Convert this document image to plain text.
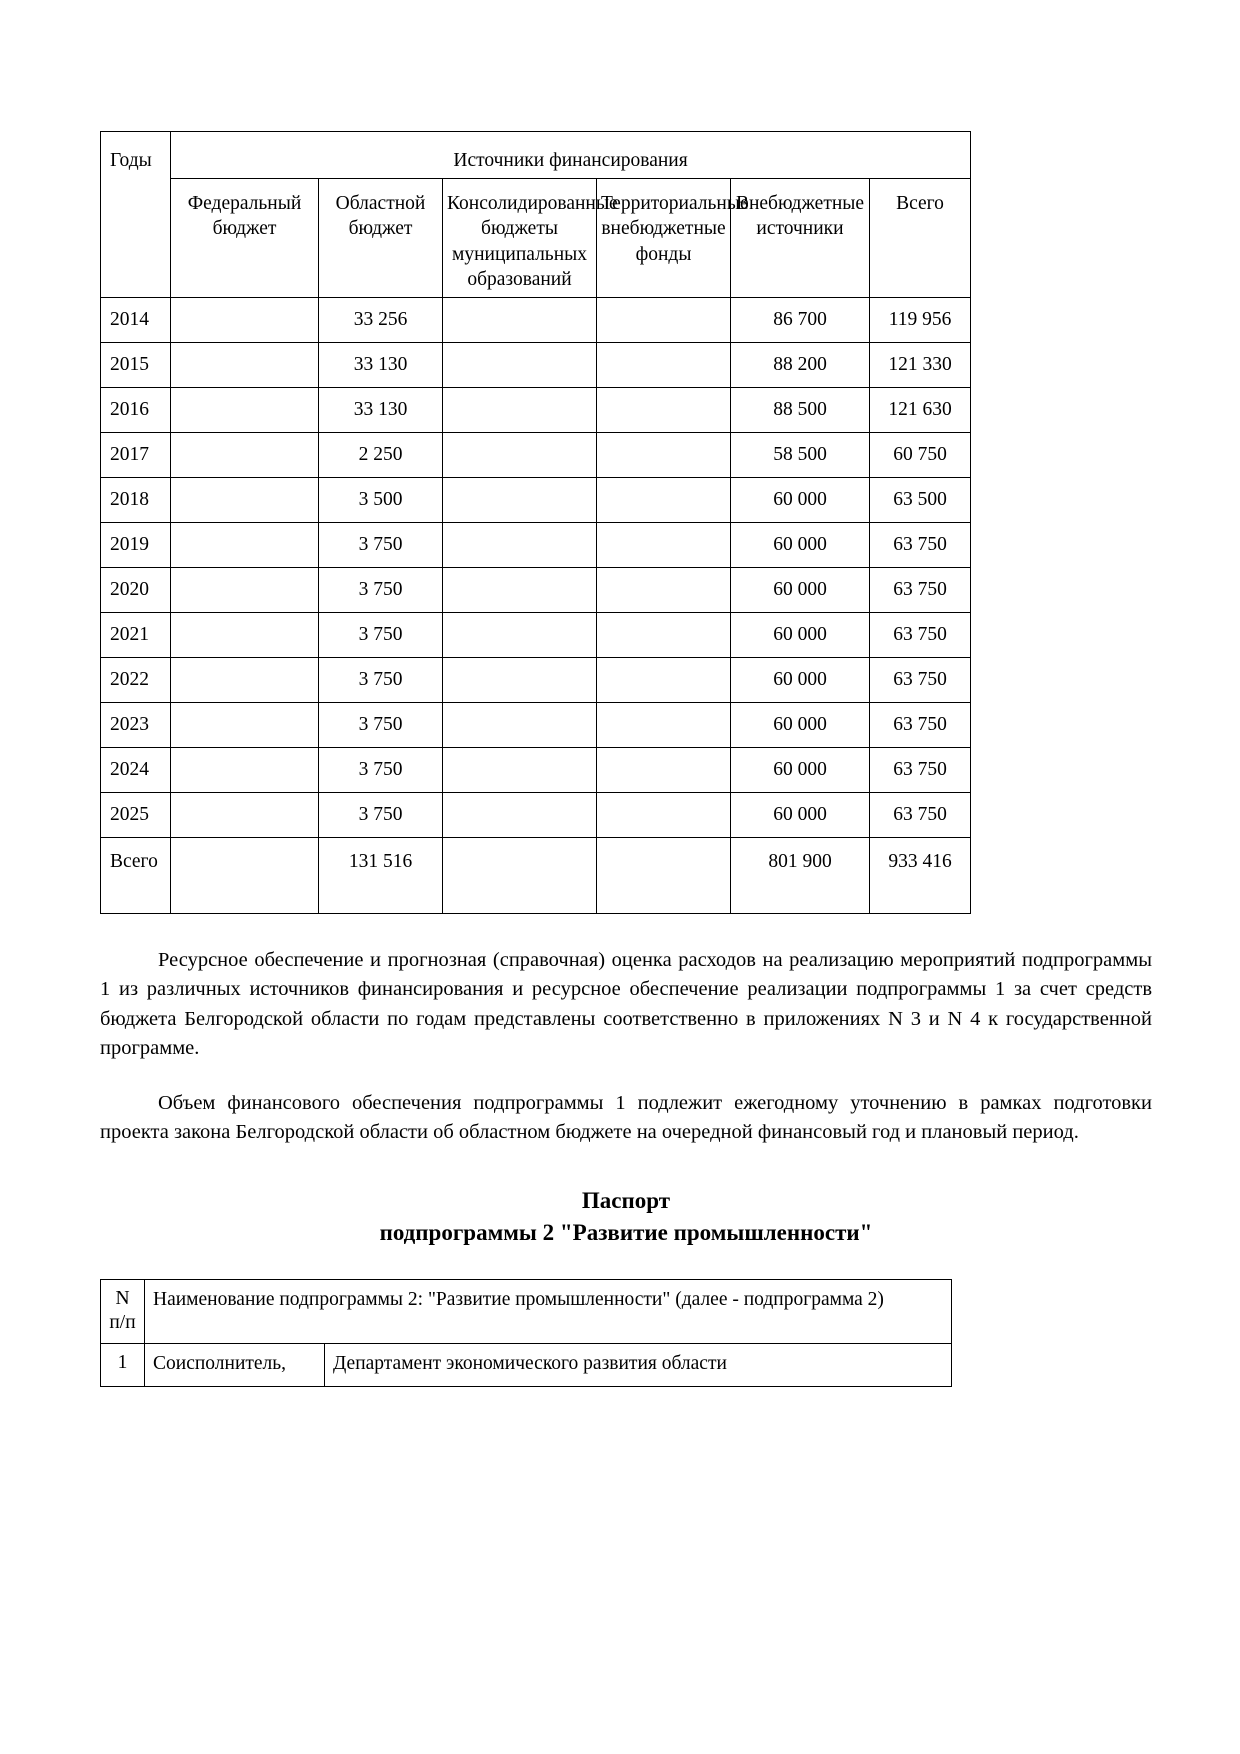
Годы	Источники финансирования					
	Федеральный бюджет	Областной бюджет	Консолидированные бюджеты муниципальных образований	Территориальные внебюджетные фонды	Внебюджетные источники	Всего
2014		33 256			86 700	119 956
2015		33 130			88 200	121 330
2016		33 130			88 500	121 630
2017		2 250			58 500	60 750
2018		3 500			60 000	63 500
2019		3 750			60 000	63 750
2020		3 750			60 000	63 750
2021		3 750			60 000	63 750
2022		3 750			60 000	63 750
2023		3 750			60 000	63 750
2024		3 750			60 000	63 750
2025		3 750			60 000	63 750
Всего		131 516			801 900	933 416

Ресурсное обеспечение и прогнозная (справочная) оценка расходов на реализацию мероприятий подпрограммы 1 из различных источников финансирования и ресурсное обеспечение реализации подпрограммы 1 за счет средств бюджета Белгородской области по годам представлены соответственно в приложениях N 3 и N 4 к государственной программе.

Объем финансового обеспечения подпрограммы 1 подлежит ежегодному уточнению в рамках подготовки проекта закона Белгородской области об областном бюджете на очередной финансовый год и плановый период.

Паспорт
подпрограммы 2 "Развитие промышленности"
N
п/п	Наименование подпрограммы 2: "Развитие промышленности" (далее - подпрограмма 2)	
1	Соисполнитель,	Департамент экономического развития области
